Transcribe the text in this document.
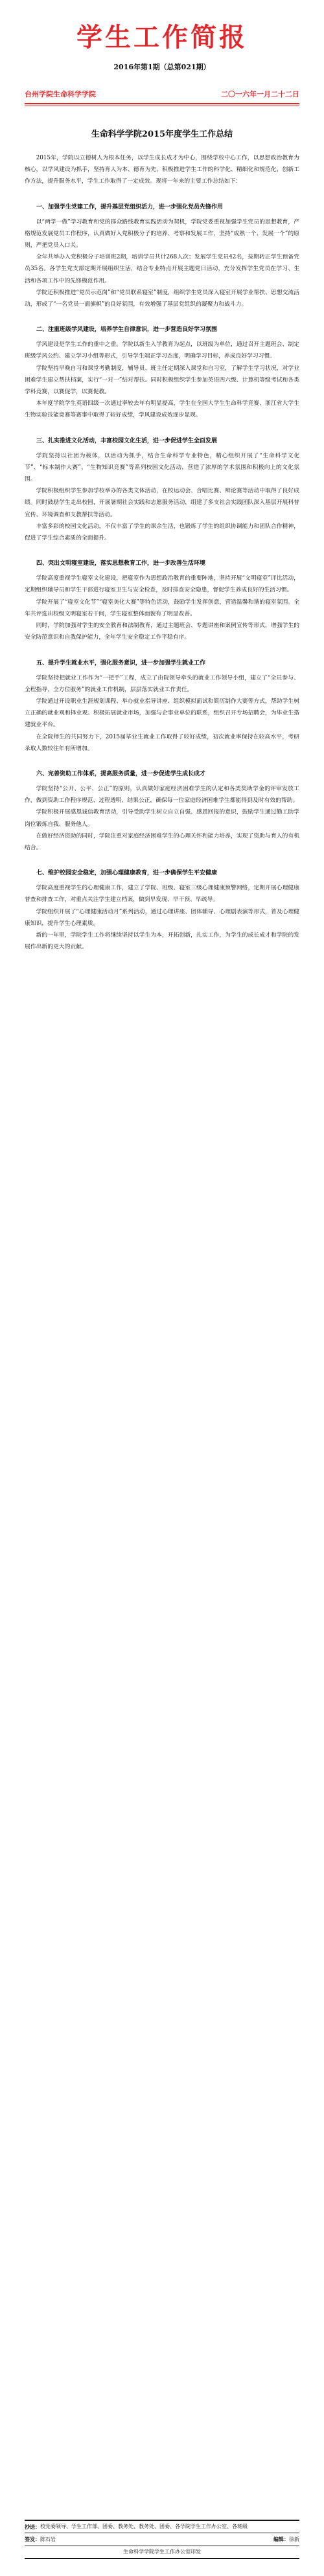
学生工作简报
2016年第1期（总第021期）
台州学院生命科学学院	二〇一六年一月二十二日
生命科学学院2015年度学生工作总结

2015年，学院以立德树人为根本任务，以学生成长成才为中心，围绕学校中心工作，以思想政治教育为核心，以学风建设为抓手，坚持育人为本、德育为先，积极推进学生工作的科学化、精细化和规范化，创新工作方法，提升服务水平，学生工作取得了一定成效。现将一年来的主要工作总结如下：

一、加强学生党建工作，提升基层党组织活力，进一步强化党员先锋作用

以“两学一做”学习教育和党的群众路线教育实践活动为契机，学院党委重视加强学生党员的思想教育，严格规范发展党员工作程序，认真做好入党积极分子的培养、考察和发展工作，坚持“成熟一个、发展一个”的原则，严把党员入口关。

全年共举办入党积极分子培训班2期，培训学员共计268人次；发展学生党员42名，按期转正学生预备党员35名。各学生党支部定期开展组织生活，结合专业特点开展主题党日活动，充分发挥学生党员在学习、生活和各项工作中的先锋模范作用。

学院还积极推进“党员示范岗”和“党员联系寝室”制度，组织学生党员深入寝室开展学业帮扶、思想交流活动，形成了“一名党员一面旗帜”的良好氛围，有效增强了基层党组织的凝聚力和战斗力。

二、注重班级学风建设，培养学生自律意识，进一步营造良好学习氛围

学风建设是学生工作的重中之重。学院以新生入学教育为起点，以班级为单位，通过召开主题班会、制定班级学风公约、建立学习小组等形式，引导学生端正学习态度，明确学习目标，养成良好学习习惯。

学院坚持早晚自习和课堂考勤制度，辅导员、班主任定期深入课堂和自习室，了解学生学习状况，对学业困难学生建立帮扶档案，实行“一对一”结对帮扶。同时积极组织学生参加英语四六级、计算机等级考试和各类学科竞赛，以赛促学，以赛促教。

本年度学院学生英语四级一次通过率较去年有明显提高，学生在全国大学生生命科学竞赛、浙江省大学生生物实验技能竞赛等赛事中取得了较好成绩，学风建设成效逐步显现。

三、扎实推进文化活动，丰富校园文化生活，进一步促进学生全面发展

学院坚持以社团为载体，以活动为抓手，结合生命科学专业特色，精心组织开展了“生命科学文化节”、“标本制作大赛”、“生物知识竞赛”等系列校园文化活动，营造了浓厚的学术氛围和积极向上的文化氛围。

学院积极组织学生参加学校举办的各类文体活动，在校运动会、合唱比赛、辩论赛等活动中取得了良好成绩。同时鼓励学生走出校园，开展暑期社会实践和志愿服务活动，组建了多支社会实践团队深入基层开展科普宣传、环境调查和支教帮扶等活动。

丰富多彩的校园文化活动，不仅丰富了学生的课余生活，也锻炼了学生的组织协调能力和团队合作精神，促进了学生综合素质的全面提升。

四、突出文明寝室建设，落实思想教育工作，进一步改善生活环境

学院高度重视学生寝室文化建设，把寝室作为思想政治教育的重要阵地，坚持开展“文明寝室”评比活动，定期组织辅导员和学生干部进行寝室卫生与安全检查，及时排查安全隐患，督促学生养成良好的生活习惯。

学院开展了“寝室文化节”“寝室美化大赛”等特色活动，鼓励学生发挥创意，营造温馨和谐的寝室氛围。全年共评选出校级文明寝室若干间，学生寝室整体面貌有了明显改善。

同时，学院加强对学生的安全教育和法制教育，通过主题班会、专题讲座和案例宣传等形式，增强学生的安全防范意识和自我保护能力，全年学生安全稳定工作平稳有序。

五、提升学生就业水平，强化服务意识，进一步加强学生就业工作

学院坚持把就业工作作为“一把手”工程，成立了由院领导牵头的就业工作领导小组，建立了“全员参与、全程指导、全方位服务”的就业工作机制，层层落实就业工作责任。

学院通过开设职业生涯规划课程、举办就业指导讲座、组织模拟面试和简历制作大赛等方式，帮助学生树立正确的就业观和择业观。积极拓展就业市场，加强与企事业单位的联系，组织召开专场招聘会，为毕业生搭建就业平台。

在全院师生的共同努力下，2015届毕业生就业工作取得了较好成绩，初次就业率保持在较高水平，考研录取人数较往年有所增加。

六、完善资助工作体系，提高服务质量，进一步促进学生成长成才

学院坚持“公开、公平、公正”的原则，认真做好家庭经济困难学生的认定和各类奖助学金的评审发放工作，做到资助工作程序规范、过程透明、结果公正，确保每一位家庭经济困难学生都能得到及时有效的帮助。

学院积极开展感恩诚信教育活动，引导受助学生树立自立自强、感恩回报的意识，鼓励学生通过勤工助学岗位锻炼自我、服务他人。

在做好经济资助的同时，学院注重对家庭经济困难学生的心理关怀和能力培养，实现了资助与育人的有机结合。

七、维护校园安全稳定，加强心理健康教育，进一步确保学生平安健康

学院高度重视学生的心理健康工作，建立了学院、班级、寝室三级心理健康预警网络，定期开展心理健康普查和排查工作，对重点关注学生建立档案，做到早发现、早干预、早疏导。

学院组织开展了“心理健康活动月”系列活动，通过心理讲座、团体辅导、心理剧表演等形式，普及心理健康知识，提升学生心理素质。

新的一年里，学院学生工作将继续坚持以学生为本，开拓创新，扎实工作，为学生的成长成才和学院的发展作出新的更大的贡献。

抄送： 校党委领导、学生工作部、团委、教务处、教务处、团委、各学院学生工作办公室、各班级
签发：陈石岩	编辑：徐新
生命科学学院学生工作办公室印发
